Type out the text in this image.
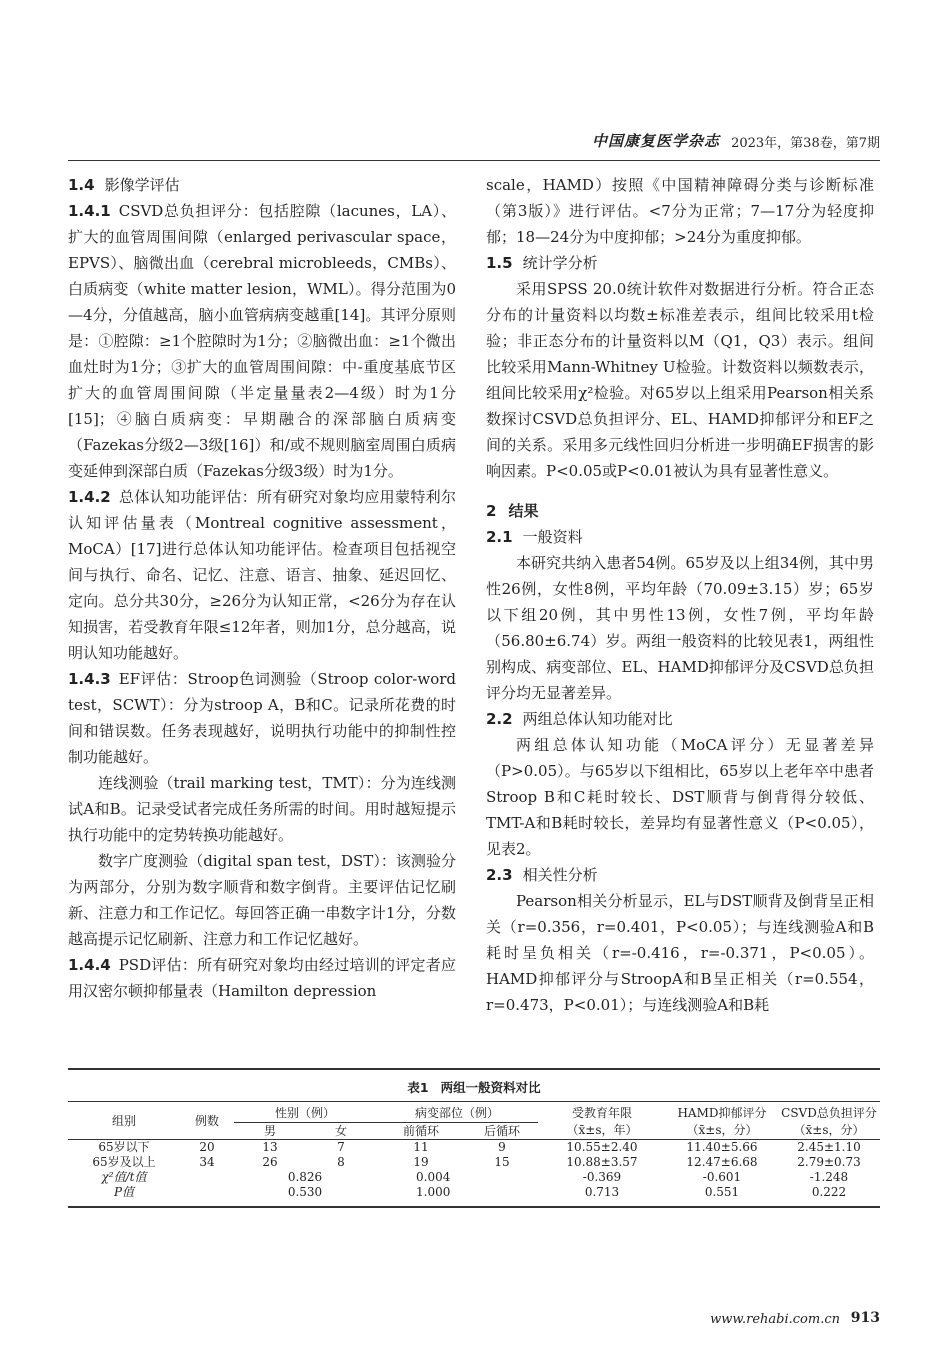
中国康复医学杂志 2023年，第38卷，第7期

1.4 影像学评估

1.4.1 CSVD总负担评分：包括腔隙（lacunes，LA）、扩大的血管周围间隙（enlarged perivascular space，EPVS）、脑微出血（cerebral microbleeds，CMBs）、白质病变（white matter lesion，WML）。得分范围为0—4分，分值越高，脑小血管病病变越重[14]。其评分原则是：①腔隙：≥1个腔隙时为1分；②脑微出血：≥1个微出血灶时为1分；③扩大的血管周围间隙：中-重度基底节区扩大的血管周围间隙（半定量量表2—4级）时为1分[15]；④脑白质病变：早期融合的深部脑白质病变（Fazekas分级2—3级[16]）和/或不规则脑室周围白质病变延伸到深部白质（Fazekas分级3级）时为1分。

1.4.2 总体认知功能评估：所有研究对象均应用蒙特利尔认知评估量表（Montreal cognitive assessment，MoCA）[17]进行总体认知功能评估。检查项目包括视空间与执行、命名、记忆、注意、语言、抽象、延迟回忆、定向。总分共30分，≥26分为认知正常，<26分为存在认知损害，若受教育年限≤12年者，则加1分，总分越高，说明认知功能越好。

1.4.3 EF评估：Stroop色词测验（Stroop color-word test，SCWT）：分为stroop A，B和C。记录所花费的时间和错误数。任务表现越好，说明执行功能中的抑制性控制功能越好。

连线测验（trail marking test，TMT）：分为连线测试A和B。记录受试者完成任务所需的时间。用时越短提示执行功能中的定势转换功能越好。

数字广度测验（digital span test，DST）：该测验分为两部分，分别为数字顺背和数字倒背。主要评估记忆刷新、注意力和工作记忆。每回答正确一串数字计1分，分数越高提示记忆刷新、注意力和工作记忆越好。

1.4.4 PSD评估：所有研究对象均由经过培训的评定者应用汉密尔顿抑郁量表（Hamilton depression

scale，HAMD）按照《中国精神障碍分类与诊断标准（第3版）》进行评估。<7分为正常；7—17分为轻度抑郁；18—24分为中度抑郁；>24分为重度抑郁。

1.5 统计学分析

采用SPSS 20.0统计软件对数据进行分析。符合正态分布的计量资料以均数±标准差表示，组间比较采用t检验；非正态分布的计量资料以M（Q1，Q3）表示。组间比较采用Mann-Whitney U检验。计数资料以频数表示，组间比较采用χ²检验。对65岁以上组采用Pearson相关系数探讨CSVD总负担评分、EL、HAMD抑郁评分和EF之间的关系。采用多元线性回归分析进一步明确EF损害的影响因素。P<0.05或P<0.01被认为具有显著性意义。

2 结果

2.1 一般资料

本研究共纳入患者54例。65岁及以上组34例，其中男性26例，女性8例，平均年龄（70.09±3.15）岁；65岁以下组20例，其中男性13例，女性7例，平均年龄（56.80±6.74）岁。两组一般资料的比较见表1，两组性别构成、病变部位、EL、HAMD抑郁评分及CSVD总负担评分均无显著差异。

2.2 两组总体认知功能对比

两组总体认知功能（MoCA评分）无显著差异（P>0.05）。与65岁以下组相比，65岁以上老年卒中患者Stroop B和C耗时较长、DST顺背与倒背得分较低、TMT-A和B耗时较长，差异均有显著性意义（P<0.05），见表2。

2.3 相关性分析

Pearson相关分析显示，EL与DST顺背及倒背呈正相关（r=0.356，r=0.401，P<0.05）；与连线测验A和B耗时呈负相关（r=-0.416，r=-0.371，P<0.05）。HAMD抑郁评分与StroopA和B呈正相关（r=0.554，r=0.473，P<0.01）；与连线测验A和B耗

表1 两组一般资料对比
组别	例数	性别（例）		病变部位（例）		受教育年限	HAMD抑郁评分	CSVD总负担评分
		男	女	前循环	后循环	（x̄±s，年）	（x̄±s，分）	（x̄±s，分）
65岁以下	20	13	7	11	9	10.55±2.40	11.40±5.66	2.45±1.10
65岁及以上	34	26	8	19	15	10.88±3.57	12.47±6.68	2.79±0.73
χ²值/t值		0.826		0.004		-0.369	-0.601	-1.248
P值		0.530		1.000		0.713	0.551	0.222
www.rehabi.com.cn 913
